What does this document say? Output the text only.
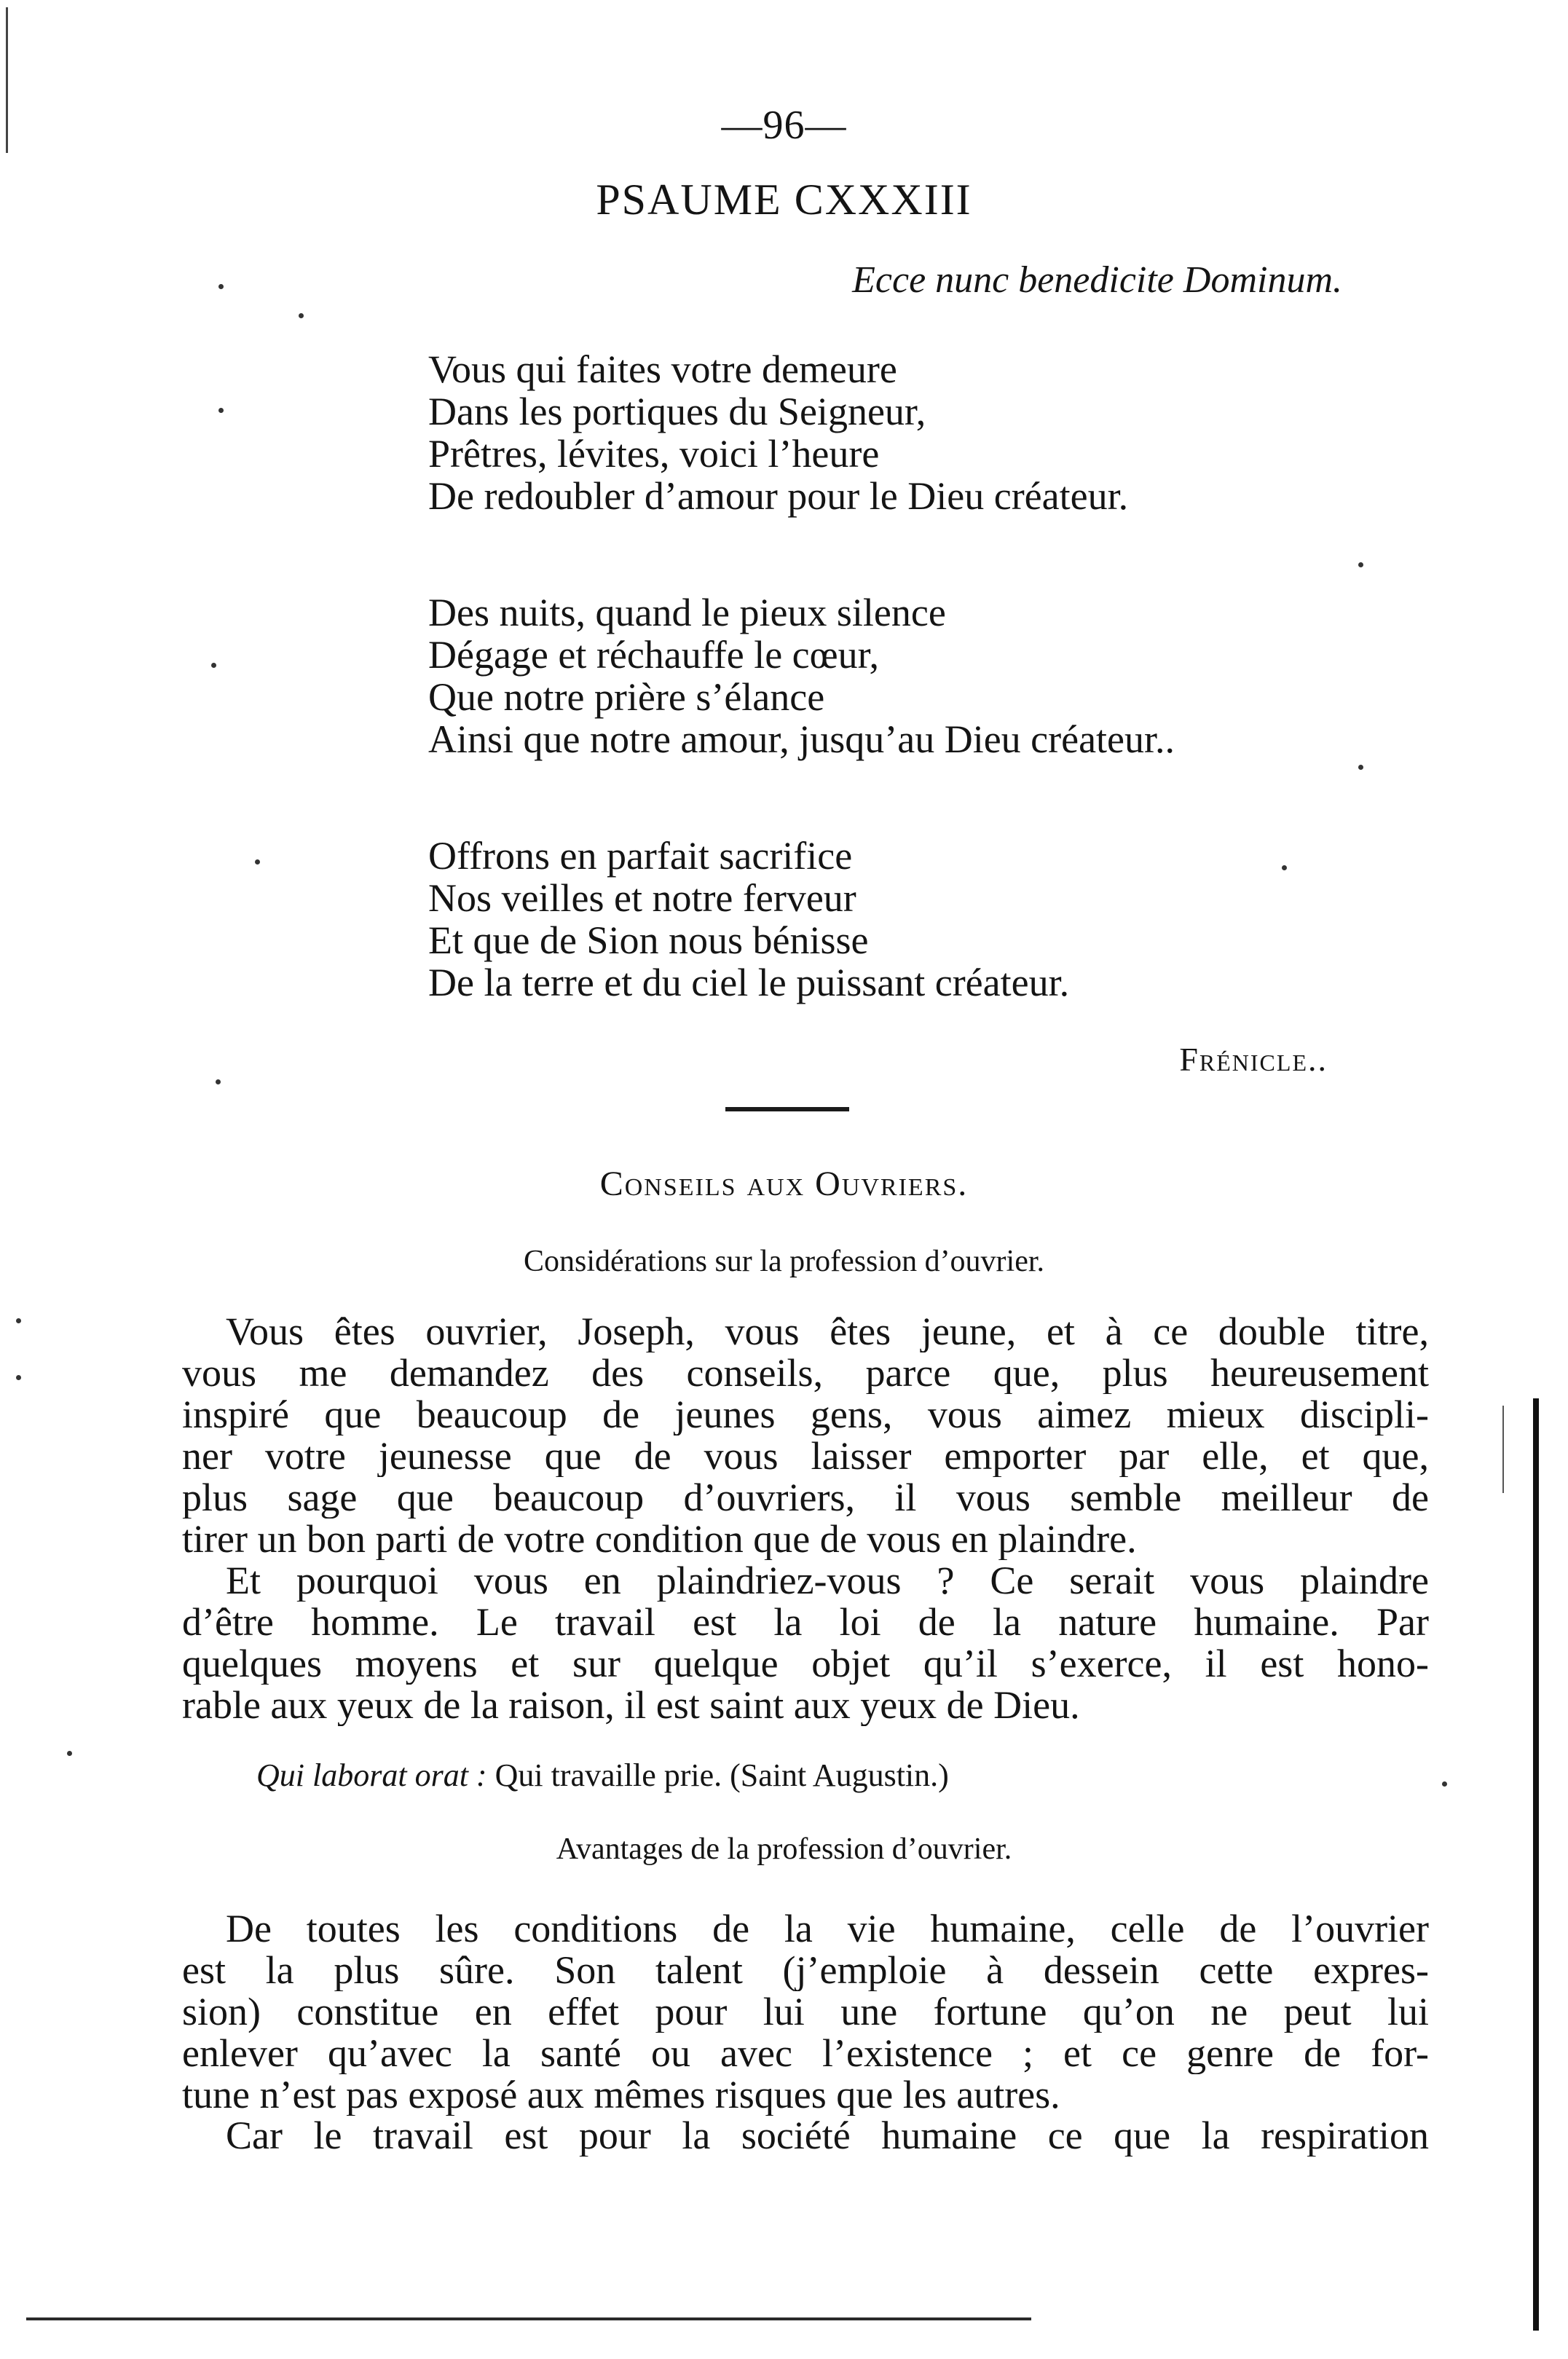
—96—
PSAUME CXXXIII
Ecce nunc benedicite Dominum.
Vous qui faites votre demeure
Dans les portiques du Seigneur,
Prêtres, lévites, voici l’heure
De redoubler d’amour pour le Dieu créateur.
Des nuits, quand le pieux silence
Dégage et réchauffe le cœur,
Que notre prière s’élance
Ainsi que notre amour, jusqu’au Dieu créateur..
Offrons en parfait sacrifice
Nos veilles et notre ferveur
Et que de Sion nous bénisse
De la terre et du ciel le puissant créateur.
Frénicle..
Conseils aux Ouvriers.
Considérations sur la profession d’ouvrier.
Vous êtes ouvrier, Joseph, vous êtes jeune, et à ce double titre,
vous me demandez des conseils, parce que, plus heureusement
inspiré que beaucoup de jeunes gens, vous aimez mieux discipli-
ner votre jeunesse que de vous laisser emporter par elle, et que,
plus sage que beaucoup d’ouvriers, il vous semble meilleur de
tirer un bon parti de votre condition que de vous en plaindre.
Et pourquoi vous en plaindriez-vous ? Ce serait vous plaindre
d’être homme. Le travail est la loi de la nature humaine. Par
quelques moyens et sur quelque objet qu’il s’exerce, il est hono-
rable aux yeux de la raison, il est saint aux yeux de Dieu.
Qui laborat orat : Qui travaille prie. (Saint Augustin.)
Avantages de la profession d’ouvrier.
De toutes les conditions de la vie humaine, celle de l’ouvrier
est la plus sûre. Son talent (j’emploie à dessein cette expres-
sion) constitue en effet pour lui une fortune qu’on ne peut lui
enlever qu’avec la santé ou avec l’existence ; et ce genre de for-
tune n’est pas exposé aux mêmes risques que les autres.
Car le travail est pour la société humaine ce que la respiration
